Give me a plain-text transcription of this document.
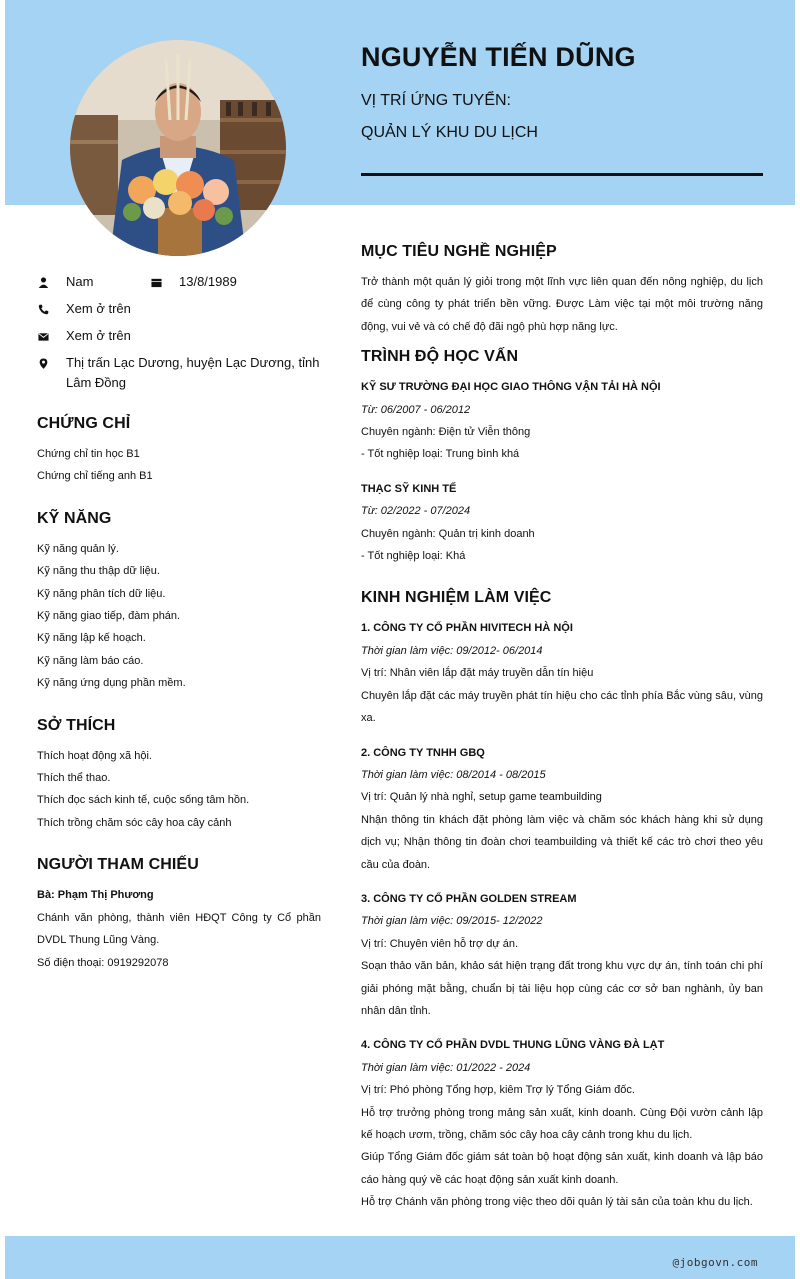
NGUYỄN TIẾN DŨNG
VỊ TRÍ ỨNG TUYỂN:
QUẢN LÝ KHU DU LỊCH
Nam	13/8/1989
Xem ở trên
Xem ở trên
Thị trấn Lạc Dương, huyện Lạc Dương, tỉnh Lâm Đồng
CHỨNG CHỈ
Chứng chỉ tin học B1
Chứng chỉ tiếng anh B1
KỸ NĂNG
Kỹ năng quản lý.
Kỹ năng thu thập dữ liệu.
Kỹ năng phân tích dữ liệu.
Kỹ năng giao tiếp, đàm phán.
Kỹ năng lập kế hoạch.
Kỹ năng làm báo cáo.
Kỹ năng ứng dụng phần mềm.
SỞ THÍCH
Thích hoạt động xã hội.
Thích thể thao.
Thích đọc sách kinh tế, cuộc sống tâm hồn.
Thích trồng chăm sóc cây hoa cây cảnh
NGƯỜI THAM CHIẾU
Bà: Phạm Thị Phương
Chánh văn phòng, thành viên HĐQT Công ty Cổ phần DVDL Thung Lũng Vàng.
Số điện thoại: 0919292078
MỤC TIÊU NGHỀ NGHIỆP
Trở thành một quản lý giỏi trong một lĩnh vực liên quan đến nông nghiệp, du lịch để cùng công ty phát triển bền vững. Được Làm việc tại một môi trường năng động, vui vẻ và có chế độ đãi ngộ phù hợp năng lực.
TRÌNH ĐỘ HỌC VẤN
KỸ SƯ TRƯỜNG ĐẠI HỌC GIAO THÔNG VẬN TẢI HÀ NỘI
Từ: 06/2007 - 06/2012
Chuyên ngành: Điện tử Viễn thông
- Tốt nghiệp loại: Trung bình khá
THẠC SỸ KINH TẾ
Từ: 02/2022 - 07/2024
Chuyên ngành: Quản trị kinh doanh
- Tốt nghiệp loại: Khá
KINH NGHIỆM LÀM VIỆC
1. CÔNG TY CỔ PHẦN HIVITECH HÀ NỘI
Thời gian làm việc: 09/2012- 06/2014
Vị trí: Nhân viên lắp đặt máy truyền dẫn tín hiệu
Chuyên lắp đặt các máy truyền phát tín hiệu cho các tỉnh phía Bắc vùng sâu, vùng xa.
2. CÔNG TY TNHH GBQ
Thời gian làm việc: 08/2014 - 08/2015
Vị trí: Quản lý nhà nghỉ, setup game teambuilding
Nhận thông tin khách đặt phòng làm việc và chăm sóc khách hàng khi sử dụng dịch vụ; Nhận thông tin đoàn chơi teambuilding và thiết kế các trò chơi theo yêu cầu của đoàn.
3. CÔNG TY CỔ PHẦN GOLDEN STREAM
Thời gian làm việc: 09/2015- 12/2022
Vị trí: Chuyên viên hỗ trợ dự án.
Soạn thảo văn bản, khảo sát hiện trạng đất trong khu vực dự án, tính toán chi phí giải phóng mặt bằng, chuẩn bị tài liệu họp cùng các cơ sở ban nghành, ủy ban nhân dân tỉnh.
4. CÔNG TY CỔ PHẦN DVDL THUNG LŨNG VÀNG ĐÀ LẠT
Thời gian làm việc: 01/2022 - 2024
Vị trí: Phó phòng Tổng hợp, kiêm Trợ lý Tổng Giám đốc.
Hỗ trợ trưởng phòng trong mảng sản xuất, kinh doanh. Cùng Đội vườn cảnh lập kế hoạch ươm, trồng, chăm sóc cây hoa cây cảnh trong khu du lịch.
Giúp Tổng Giám đốc giám sát toàn bộ hoạt động sản xuất, kinh doanh và lập báo cáo hàng quý về các hoạt động sản xuất kinh doanh.
Hỗ trợ Chánh văn phòng trong việc theo dõi quản lý tài sản của toàn khu du lịch.
@jobgovn.com
